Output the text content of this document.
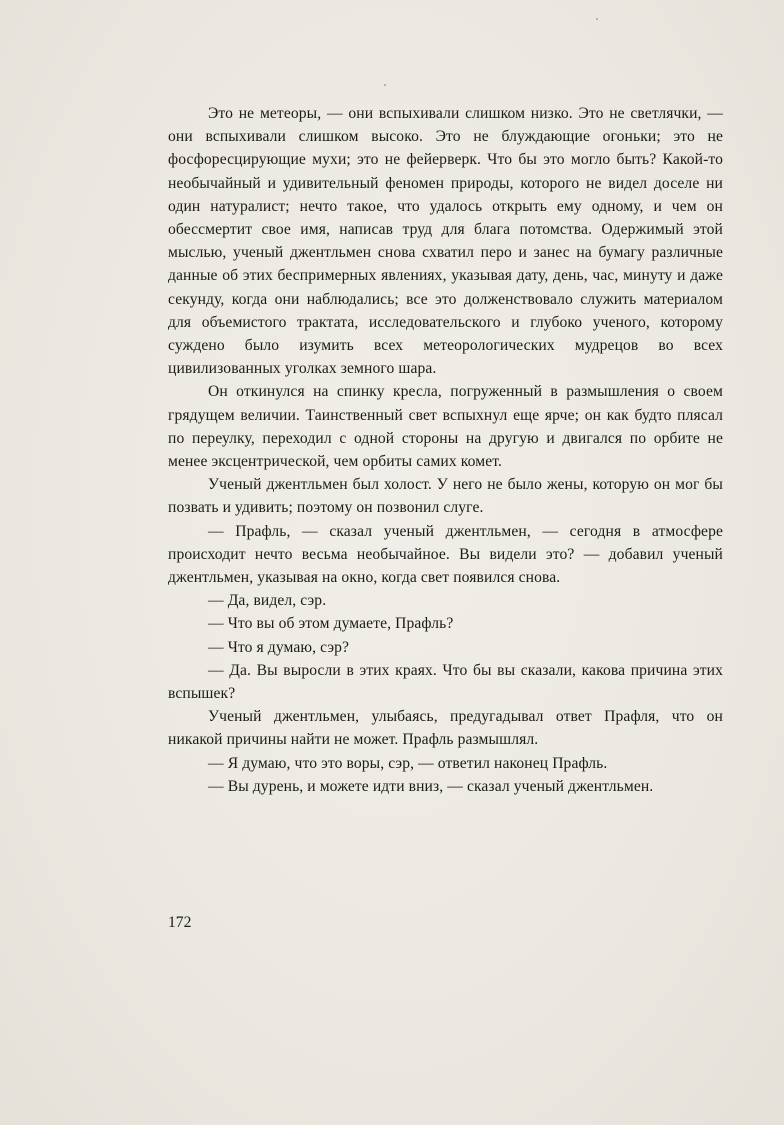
Это не метеоры, — они вспыхивали слишком низко. Это не светлячки, — они вспыхивали слишком высоко. Это не блуждающие огоньки; это не фосфоресцирующие мухи; это не фейерверк. Что бы это могло быть? Какой-то необычайный и удивительный феномен природы, которого не видел доселе ни один натуралист; нечто такое, что удалось открыть ему одному, и чем он обессмертит свое имя, написав труд для блага потомства. Одержимый этой мыслью, ученый джентльмен снова схватил перо и занес на бумагу различные данные об этих беспримерных явлениях, указывая дату, день, час, минуту и даже секунду, когда они наблюдались; все это долженствовало служить материалом для объемистого трактата, исследовательского и глубоко ученого, которому суждено было изумить всех метеорологических мудрецов во всех цивилизованных уголках земного шара.

Он откинулся на спинку кресла, погруженный в размышления о своем грядущем величии. Таинственный свет вспыхнул еще ярче; он как будто плясал по переулку, переходил с одной стороны на другую и двигался по орбите не менее эксцентрической, чем орбиты самих комет.

Ученый джентльмен был холост. У него не было жены, которую он мог бы позвать и удивить; поэтому он позвонил слуге.

— Прафль, — сказал ученый джентльмен, — сегодня в атмосфере происходит нечто весьма необычайное. Вы видели это? — добавил ученый джентльмен, указывая на окно, когда свет появился снова.

— Да, видел, сэр.

— Что вы об этом думаете, Прафль?

— Что я думаю, сэр?

— Да. Вы выросли в этих краях. Что бы вы сказали, какова причина этих вспышек?

Ученый джентльмен, улыбаясь, предугадывал ответ Прафля, что он никакой причины найти не может. Прафль размышлял.

— Я думаю, что это воры, сэр, — ответил наконец Прафль.

— Вы дурень, и можете идти вниз, — сказал ученый джентльмен.

172
